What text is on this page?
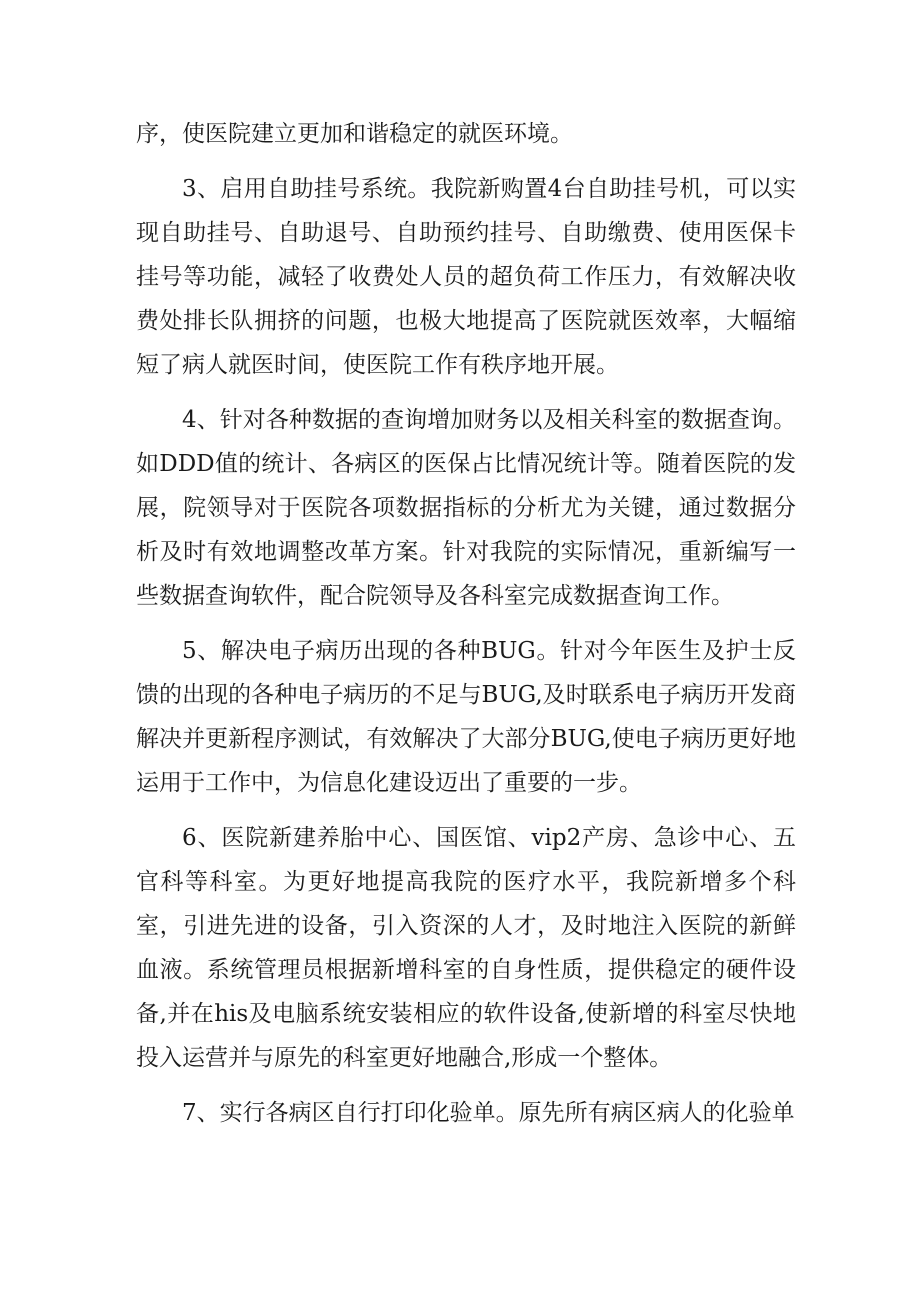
序，使医院建立更加和谐稳定的就医环境。

3、启用自助挂号系统。我院新购置4台自助挂号机，可以实现自助挂号、自助退号、自助预约挂号、自助缴费、使用医保卡挂号等功能，减轻了收费处人员的超负荷工作压力，有效解决收费处排长队拥挤的问题，也极大地提高了医院就医效率，大幅缩短了病人就医时间，使医院工作有秩序地开展。

4、针对各种数据的查询增加财务以及相关科室的数据查询。如DDD值的统计、各病区的医保占比情况统计等。随着医院的发展，院领导对于医院各项数据指标的分析尤为关键，通过数据分析及时有效地调整改革方案。针对我院的实际情况，重新编写一些数据查询软件，配合院领导及各科室完成数据查询工作。

5、解决电子病历出现的各种BUG。针对今年医生及护士反馈的出现的各种电子病历的不足与BUG,及时联系电子病历开发商解决并更新程序测试，有效解决了大部分BUG,使电子病历更好地运用于工作中，为信息化建设迈出了重要的一步。

6、医院新建养胎中心、国医馆、vip2产房、急诊中心、五官科等科室。为更好地提高我院的医疗水平，我院新增多个科室，引进先进的设备，引入资深的人才，及时地注入医院的新鲜血液。系统管理员根据新增科室的自身性质，提供稳定的硬件设备,并在his及电脑系统安装相应的软件设备,使新增的科室尽快地投入运营并与原先的科室更好地融合,形成一个整体。

7、实行各病区自行打印化验单。原先所有病区病人的化验单
